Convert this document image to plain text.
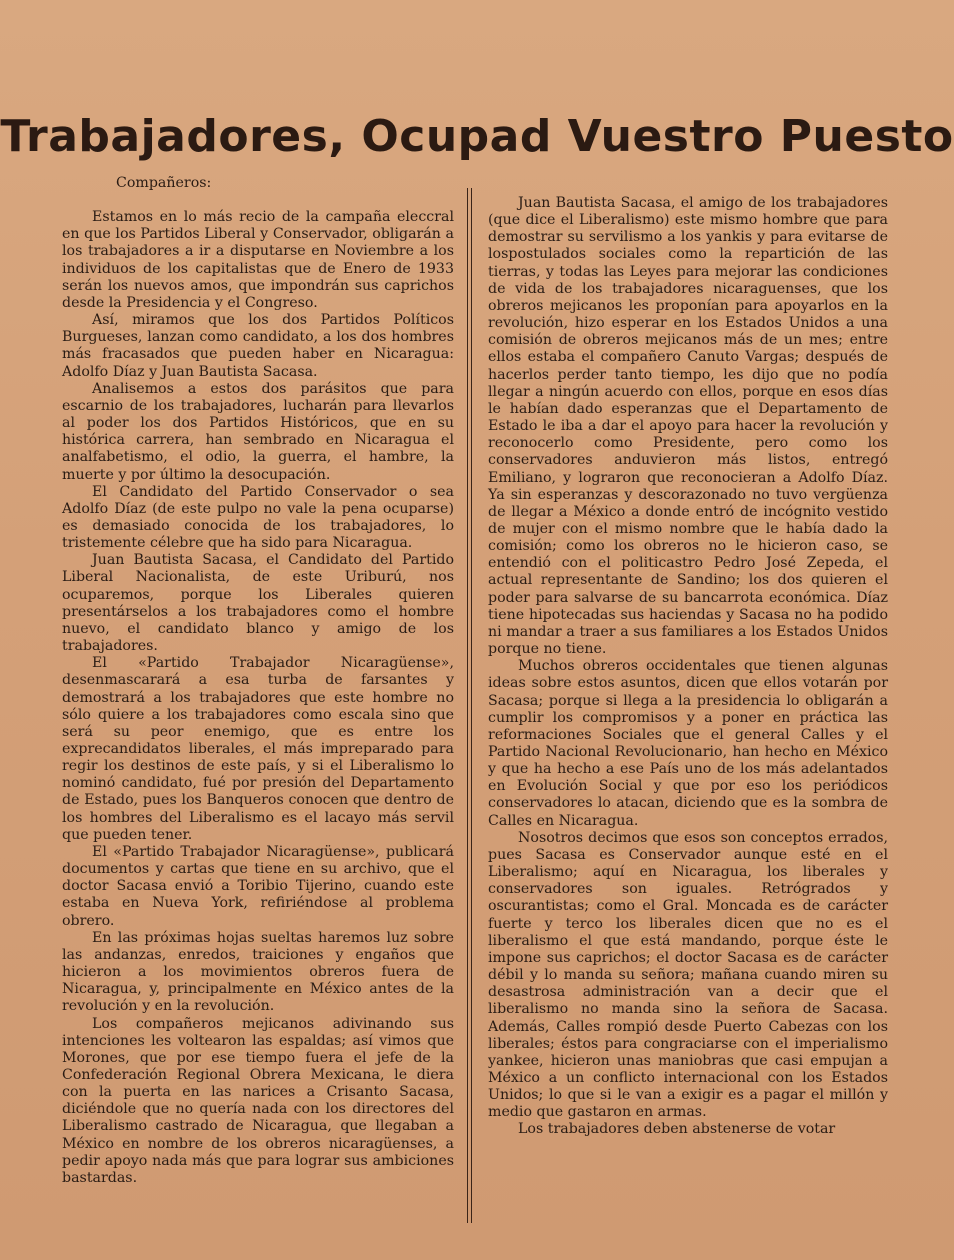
Trabajadores, Ocupad Vuestro Puesto

Compañeros:

Estamos en lo más recio de la campaña eleccral en que los Partidos Liberal y Conservador, obligarán a los trabajadores a ir a disputarse en Noviembre a los individuos de los capitalistas que de Enero de 1933 serán los nuevos amos, que impondrán sus caprichos desde la Presidencia y el Congreso.

Así, miramos que los dos Partidos Políticos Burgueses, lanzan como candidato, a los dos hombres más fracasados que pueden haber en Nicaragua: Adolfo Díaz y Juan Bautista Sacasa.

Analisemos a estos dos parásitos que para escarnio de los trabajadores, lucharán para llevarlos al poder los dos Partidos Históricos, que en su histórica carrera, han sembrado en Nicaragua el analfabetismo, el odio, la guerra, el hambre, la muerte y por último la desocupación.

El Candidato del Partido Conservador o sea Adolfo Díaz (de este pulpo no vale la pena ocuparse) es demasiado conocida de los trabajadores, lo tristemente célebre que ha sido para Nicaragua.

Juan Bautista Sacasa, el Candidato del Partido Liberal Nacionalista, de este Uriburú, nos ocuparemos, porque los Liberales quieren presentárselos a los trabajadores como el hombre nuevo, el candidato blanco y amigo de los trabajadores.

El «Partido Trabajador Nicaragüense», desenmascarará a esa turba de farsantes y demostrará a los trabajadores que este hombre no sólo quiere a los trabajadores como escala sino que será su peor enemigo, que es entre los exprecandidatos liberales, el más impreparado para regir los destinos de este país, y si el Liberalismo lo nominó candidato, fué por presión del Departamento de Estado, pues los Banqueros conocen que dentro de los hombres del Liberalismo es el lacayo más servil que pueden tener.

El «Partido Trabajador Nicaragüense», publicará documentos y cartas que tiene en su archivo, que el doctor Sacasa envió a Toribio Tijerino, cuando este estaba en Nueva York, refiriéndose al problema obrero.

En las próximas hojas sueltas haremos luz sobre las andanzas, enredos, traiciones y engaños que hicieron a los movimientos obreros fuera de Nicaragua, y, principalmente en México antes de la revolución y en la revolución.

Los compañeros mejicanos adivinando sus intenciones les voltearon las espaldas; así vimos que Morones, que por ese tiempo fuera el jefe de la Confederación Regional Obrera Mexicana, le diera con la puerta en las narices a Crisanto Sacasa, diciéndole que no quería nada con los directores del Liberalismo castrado de Nicaragua, que llegaban a México en nombre de los obreros nicaragüenses, a pedir apoyo nada más que para lograr sus ambiciones bastardas.

Juan Bautista Sacasa, el amigo de los trabajadores (que dice el Liberalismo) este mismo hombre que para demostrar su servilismo a los yankis y para evitarse de lospostulados sociales como la repartición de las tierras, y todas las Leyes para mejorar las condiciones de vida de los trabajadores nicaraguenses, que los obreros mejicanos les proponían para apoyarlos en la revolución, hizo esperar en los Estados Unidos a una comisión de obreros mejicanos más de un mes; entre ellos estaba el compañero Canuto Vargas; después de hacerlos perder tanto tiempo, les dijo que no podía llegar a ningún acuerdo con ellos, porque en esos días le habían dado esperanzas que el Departamento de Estado le iba a dar el apoyo para hacer la revolución y reconocerlo como Presidente, pero como los conservadores anduvieron más listos, entregó Emiliano, y lograron que reconocieran a Adolfo Díaz. Ya sin esperanzas y descorazonado no tuvo vergüenza de llegar a México a donde entró de incógnito vestido de mujer con el mismo nombre que le había dado la comisión; como los obreros no le hicieron caso, se entendió con el politicastro Pedro José Zepeda, el actual representante de Sandino; los dos quieren el poder para salvarse de su bancarrota económica. Díaz tiene hipotecadas sus haciendas y Sacasa no ha podido ni mandar a traer a sus familiares a los Estados Unidos porque no tiene.

Muchos obreros occidentales que tienen algunas ideas sobre estos asuntos, dicen que ellos votarán por Sacasa; porque si llega a la presidencia lo obligarán a cumplir los compromisos y a poner en práctica las reformaciones Sociales que el general Calles y el Partido Nacional Revolucionario, han hecho en México y que ha hecho a ese País uno de los más adelantados en Evolución Social y que por eso los periódicos conservadores lo atacan, diciendo que es la sombra de Calles en Nicaragua.

Nosotros decimos que esos son conceptos errados, pues Sacasa es Conservador aunque esté en el Liberalismo; aquí en Nicaragua, los liberales y conservadores son iguales. Retrógrados y oscurantistas; como el Gral. Moncada es de carácter fuerte y terco los liberales dicen que no es el liberalismo el que está mandando, porque éste le impone sus caprichos; el doctor Sacasa es de carácter débil y lo manda su señora; mañana cuando miren su desastrosa administración van a decir que el liberalismo no manda sino la señora de Sacasa. Además, Calles rompió desde Puerto Cabezas con los liberales; éstos para congraciarse con el imperialismo yankee, hicieron unas maniobras que casi empujan a México a un conflicto internacional con los Estados Unidos; lo que si le van a exigir es a pagar el millón y medio que gastaron en armas.

Los trabajadores deben abstenerse de votar
